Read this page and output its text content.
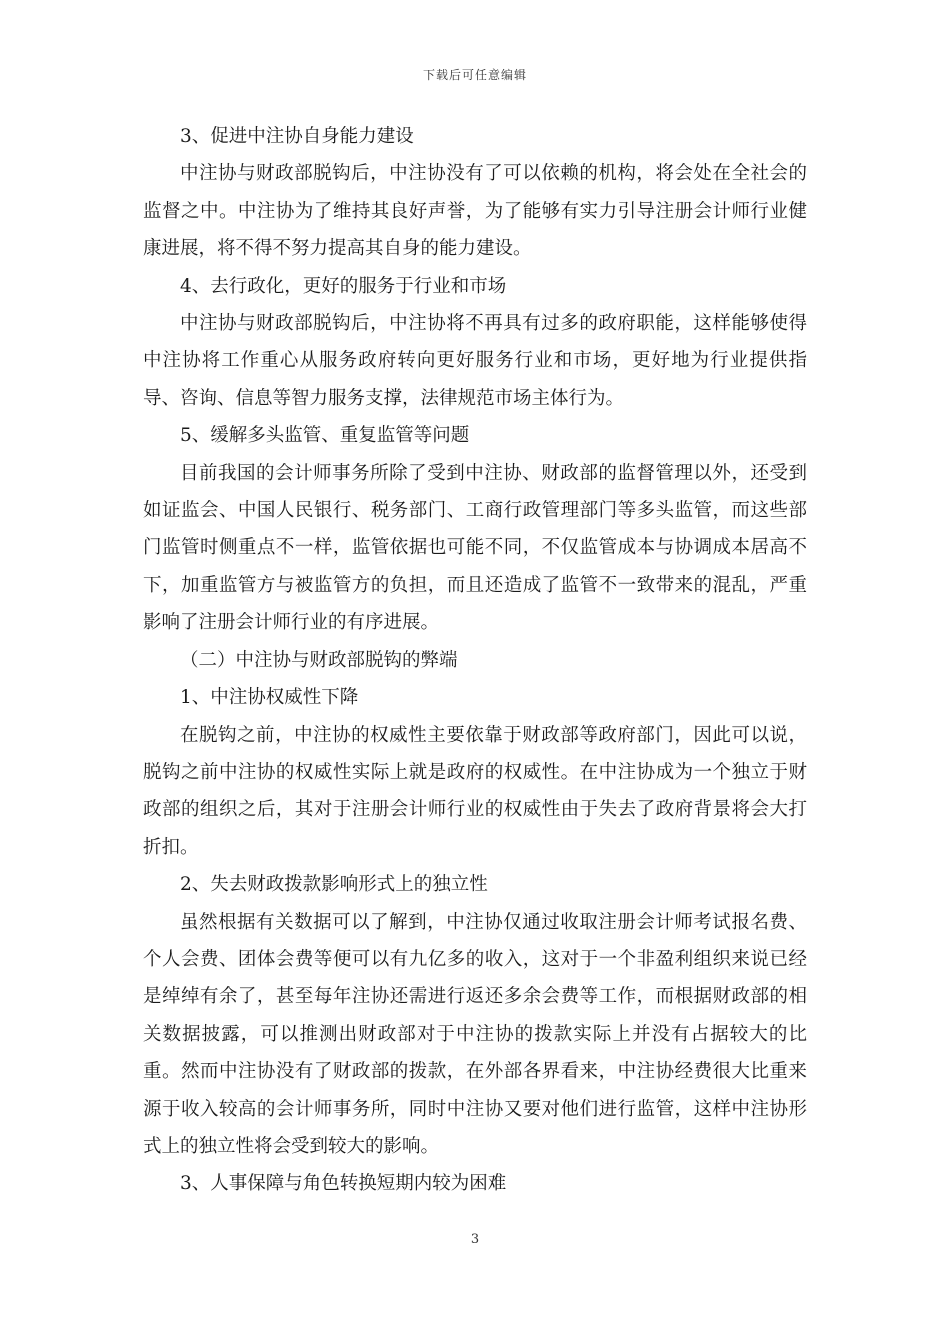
下载后可任意编辑

3、促进中注协自身能力建设

中注协与财政部脱钩后，中注协没有了可以依赖的机构，将会处在全社会的监督之中。中注协为了维持其良好声誉，为了能够有实力引导注册会计师行业健康进展，将不得不努力提高其自身的能力建设。

4、去行政化，更好的服务于行业和市场

中注协与财政部脱钩后，中注协将不再具有过多的政府职能，这样能够使得中注协将工作重心从服务政府转向更好服务行业和市场，更好地为行业提供指导、咨询、信息等智力服务支撑，法律规范市场主体行为。

5、缓解多头监管、重复监管等问题

目前我国的会计师事务所除了受到中注协、财政部的监督管理以外，还受到如证监会、中国人民银行、税务部门、工商行政管理部门等多头监管，而这些部门监管时侧重点不一样，监管依据也可能不同，不仅监管成本与协调成本居高不下，加重监管方与被监管方的负担，而且还造成了监管不一致带来的混乱，严重影响了注册会计师行业的有序进展。

（二）中注协与财政部脱钩的弊端

1、中注协权威性下降

在脱钩之前，中注协的权威性主要依靠于财政部等政府部门，因此可以说，脱钩之前中注协的权威性实际上就是政府的权威性。在中注协成为一个独立于财政部的组织之后，其对于注册会计师行业的权威性由于失去了政府背景将会大打折扣。

2、失去财政拨款影响形式上的独立性

虽然根据有关数据可以了解到，中注协仅通过收取注册会计师考试报名费、个人会费、团体会费等便可以有九亿多的收入，这对于一个非盈利组织来说已经是绰绰有余了，甚至每年注协还需进行返还多余会费等工作，而根据财政部的相关数据披露，可以推测出财政部对于中注协的拨款实际上并没有占据较大的比重。然而中注协没有了财政部的拨款，在外部各界看来，中注协经费很大比重来源于收入较高的会计师事务所，同时中注协又要对他们进行监管，这样中注协形式上的独立性将会受到较大的影响。

3、人事保障与角色转换短期内较为困难

3
